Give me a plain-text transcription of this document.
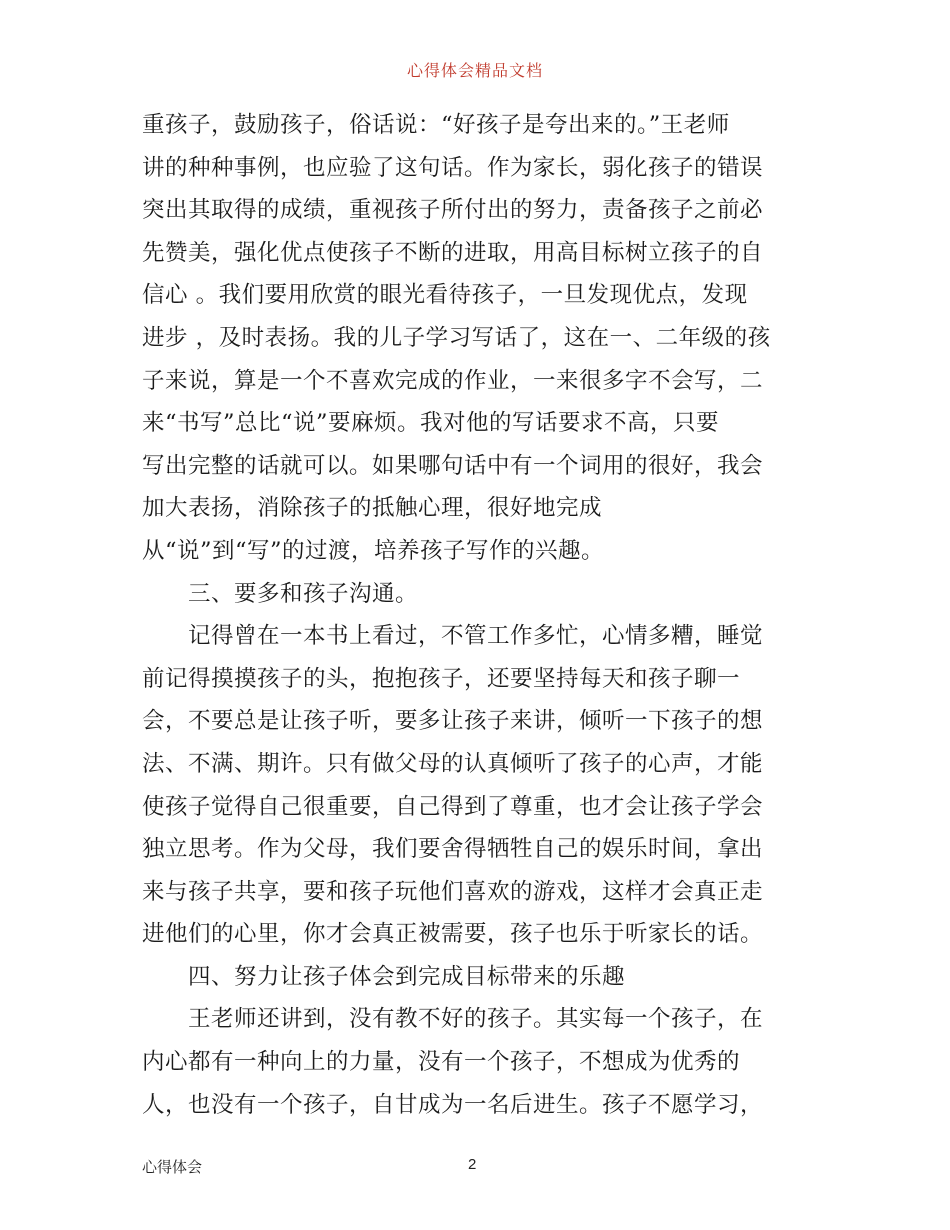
心得体会精品文档
重孩子，鼓励孩子，俗话说：“好孩子是夸出来的。”王老师
讲的种种事例，也应验了这句话。作为家长，弱化孩子的错误
突出其取得的成绩，重视孩子所付出的努力，责备孩子之前必
先赞美，强化优点使孩子不断的进取，用高目标树立孩子的自
信心 。我们要用欣赏的眼光看待孩子，一旦发现优点，发现
进步 ，及时表扬。我的儿子学习写话了，这在一、二年级的孩
子来说，算是一个不喜欢完成的作业，一来很多字不会写，二
来“书写”总比“说”要麻烦。我对他的写话要求不高，只要
写出完整的话就可以。如果哪句话中有一个词用的很好，我会
加大表扬，消除孩子的抵触心理，很好地完成
从“说”到“写”的过渡，培养孩子写作的兴趣。
三、要多和孩子沟通。
记得曾在一本书上看过，不管工作多忙，心情多糟，睡觉
前记得摸摸孩子的头，抱抱孩子，还要坚持每天和孩子聊一
会，不要总是让孩子听，要多让孩子来讲，倾听一下孩子的想
法、不满、期许。只有做父母的认真倾听了孩子的心声，才能
使孩子觉得自己很重要，自己得到了尊重，也才会让孩子学会
独立思考。作为父母，我们要舍得牺牲自己的娱乐时间，拿出
来与孩子共享，要和孩子玩他们喜欢的游戏，这样才会真正走
进他们的心里，你才会真正被需要，孩子也乐于听家长的话。
四、努力让孩子体会到完成目标带来的乐趣
王老师还讲到，没有教不好的孩子。其实每一个孩子，在
内心都有一种向上的力量，没有一个孩子，不想成为优秀的
人，也没有一个孩子，自甘成为一名后进生。孩子不愿学习，
心得体会	2
